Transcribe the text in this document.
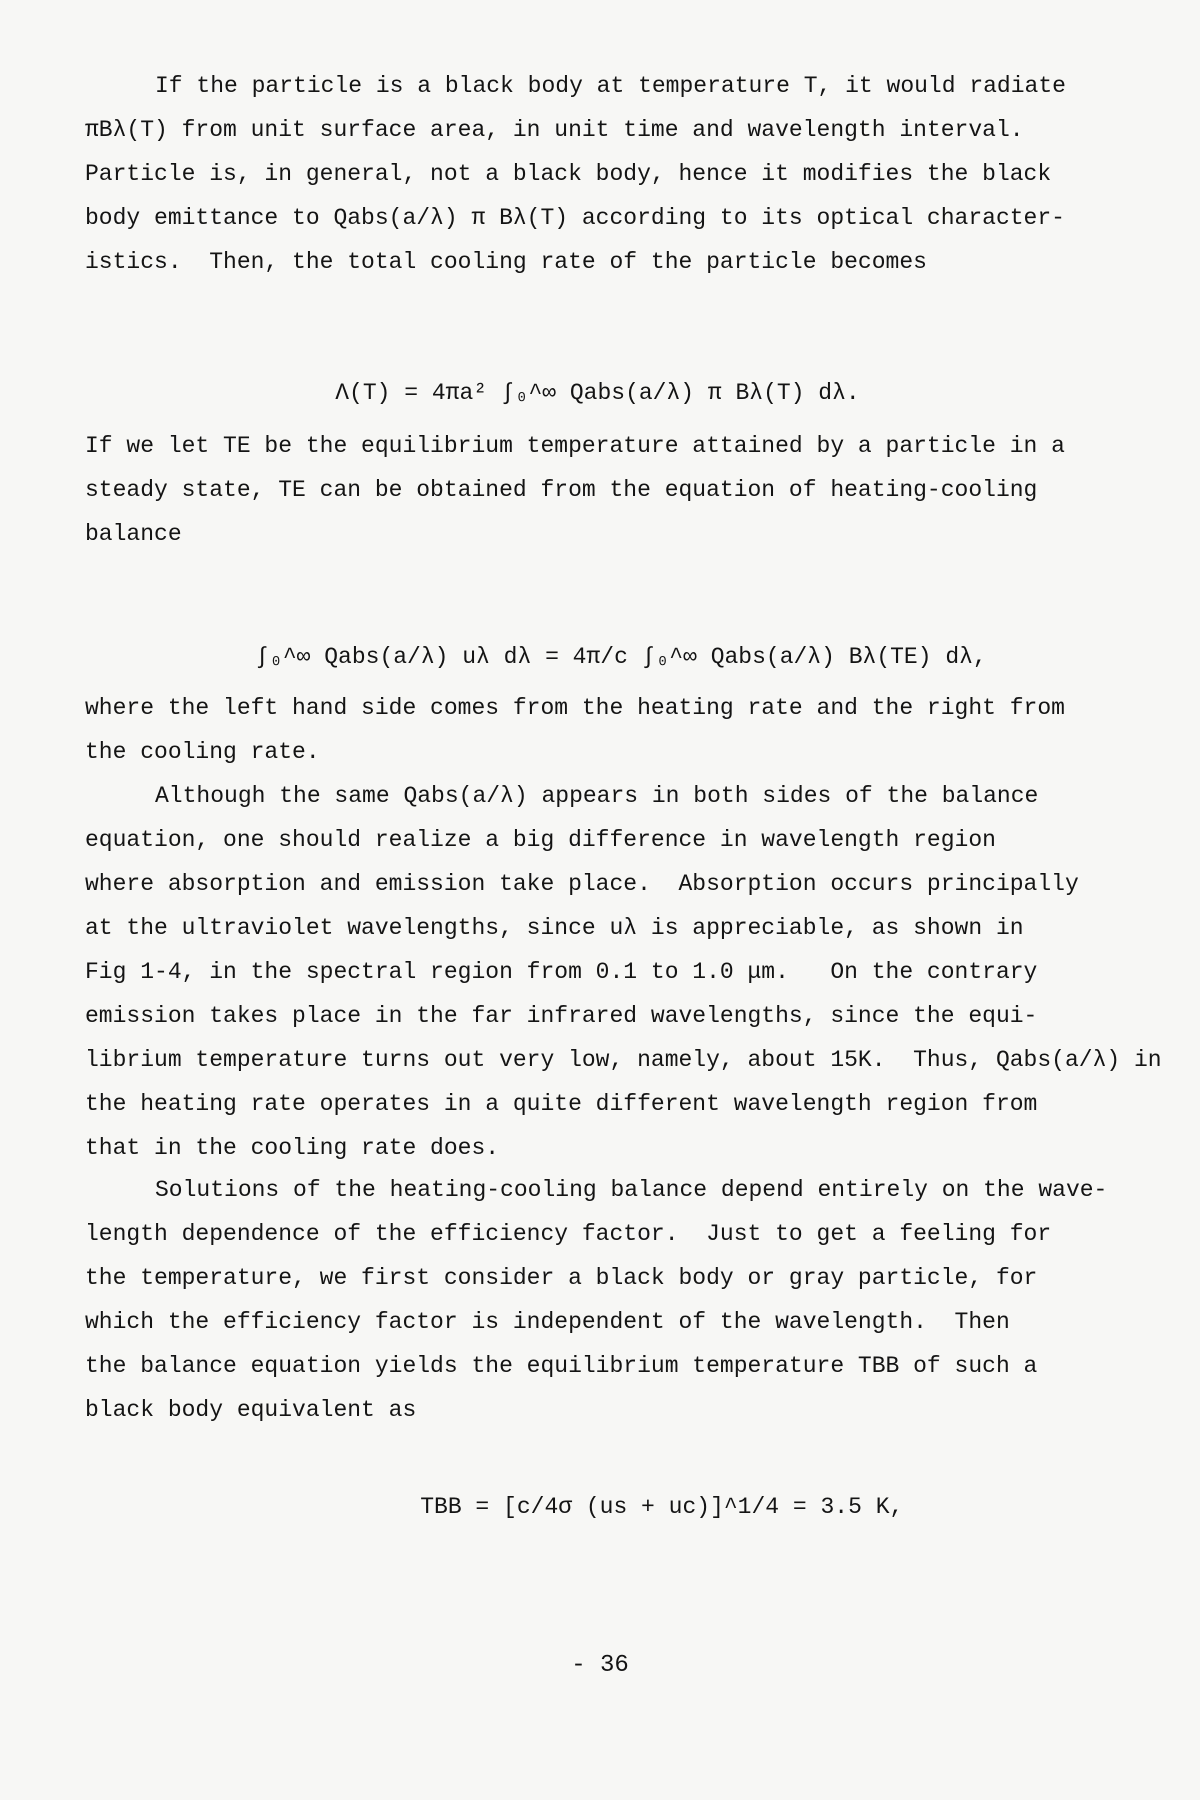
If the particle is a black body at temperature T, it would radiate
πBλ(T) from unit surface area, in unit time and wavelength interval.
Particle is, in general, not a black body, hence it modifies the black
body emittance to Qabs(a/λ) π Bλ(T) according to its optical character-
istics.  Then, the total cooling rate of the particle becomes

Λ(T) = 4πa² ∫₀^∞ Qabs(a/λ) π Bλ(T) dλ.

If we let TE be the equilibrium temperature attained by a particle in a
steady state, TE can be obtained from the equation of heating-cooling
balance

∫₀^∞ Qabs(a/λ) uλ dλ = 4π/c ∫₀^∞ Qabs(a/λ) Bλ(TE) dλ,

where the left hand side comes from the heating rate and the right from
the cooling rate.
Although the same Qabs(a/λ) appears in both sides of the balance
equation, one should realize a big difference in wavelength region
where absorption and emission take place.  Absorption occurs principally
at the ultraviolet wavelengths, since uλ is appreciable, as shown in
Fig 1-4, in the spectral region from 0.1 to 1.0 μm.   On the contrary
emission takes place in the far infrared wavelengths, since the equi-
librium temperature turns out very low, namely, about 15K.  Thus, Qabs(a/λ) in
the heating rate operates in a quite different wavelength region from
that in the cooling rate does.
Solutions of the heating-cooling balance depend entirely on the wave-
length dependence of the efficiency factor.  Just to get a feeling for
the temperature, we first consider a black body or gray particle, for
which the efficiency factor is independent of the wavelength.  Then
the balance equation yields the equilibrium temperature TBB of such a
black body equivalent as

TBB = [c/4σ (us + uc)]^1/4 = 3.5 K,

- 36
